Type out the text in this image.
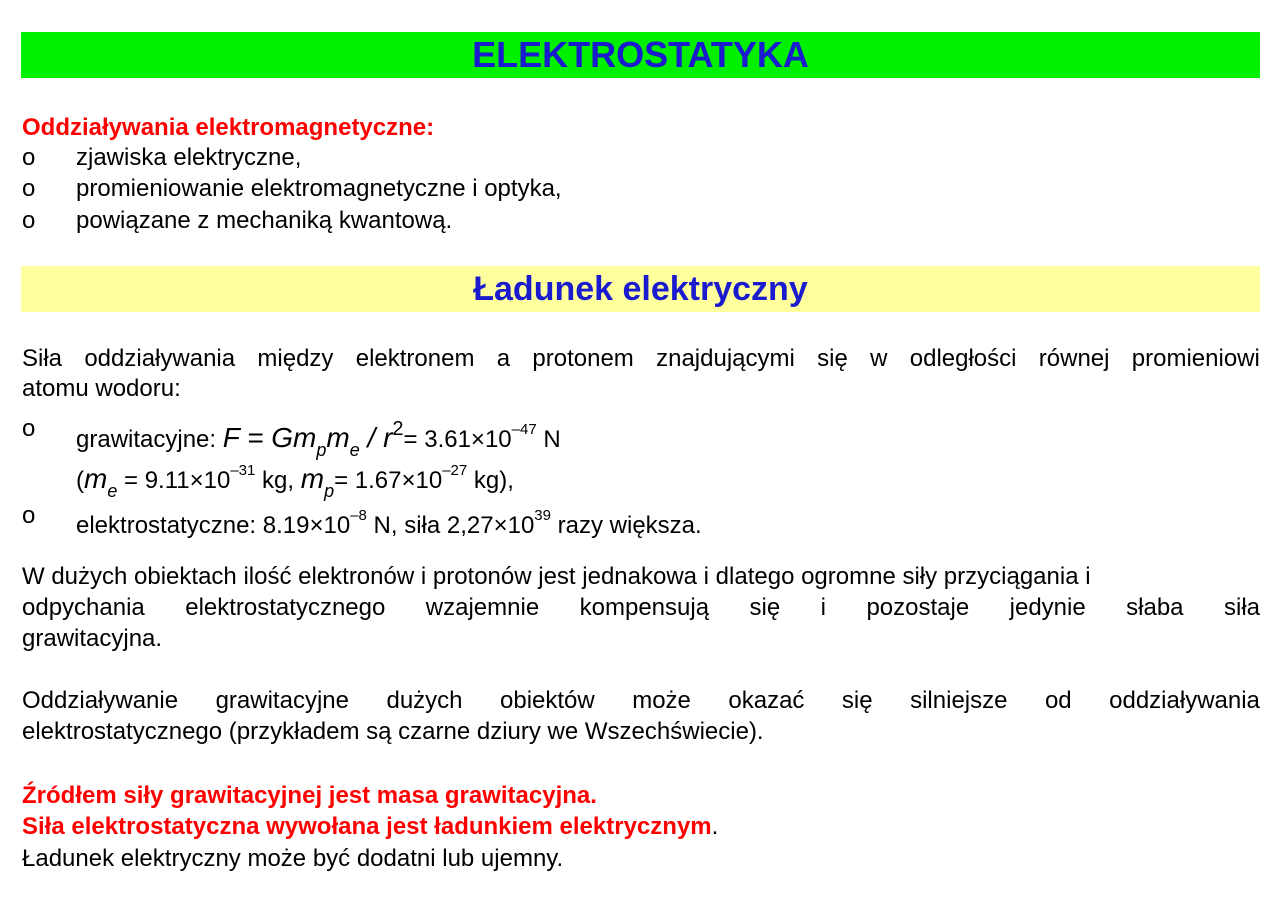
ELEKTROSTATYKA
Oddziaływania elektromagnetyczne:
o zjawiska elektryczne,
o promieniowanie elektromagnetyczne i optyka,
o powiązane z mechaniką kwantową.
Ładunek elektryczny
Siła oddziaływania między elektronem a protonem znajdującymi się w odległości równej promieniowi
atomu wodoru:
o grawitacyjne: $F = Gm_pm_e / r^2= 3.61\times 10^{-47}$ N
($m_e = 9.11\times 10^{-31}$ kg, $m_p= 1.67\times 10^{-27}$ kg),
o elektrostatyczne: $8.19\times 10^{-8}$ N, siła $2,27\times 10^{39}$ razy większa.
W dużych obiektach ilość elektronów i protonów jest jednakowa i dlatego ogromne siły przyciągania i
odpychania elektrostatycznego wzajemnie kompensują się i pozostaje jedynie słaba siła
grawitacyjna.
Oddziaływanie grawitacyjne dużych obiektów może okazać się silniejsze od oddziaływania
elektrostatycznego (przykładem są czarne dziury we Wszechświecie).
Źródłem siły grawitacyjnej jest masa grawitacyjna.
Siła elektrostatyczna wywołana jest ładunkiem elektrycznym.
Ładunek elektryczny może być dodatni lub ujemny.
